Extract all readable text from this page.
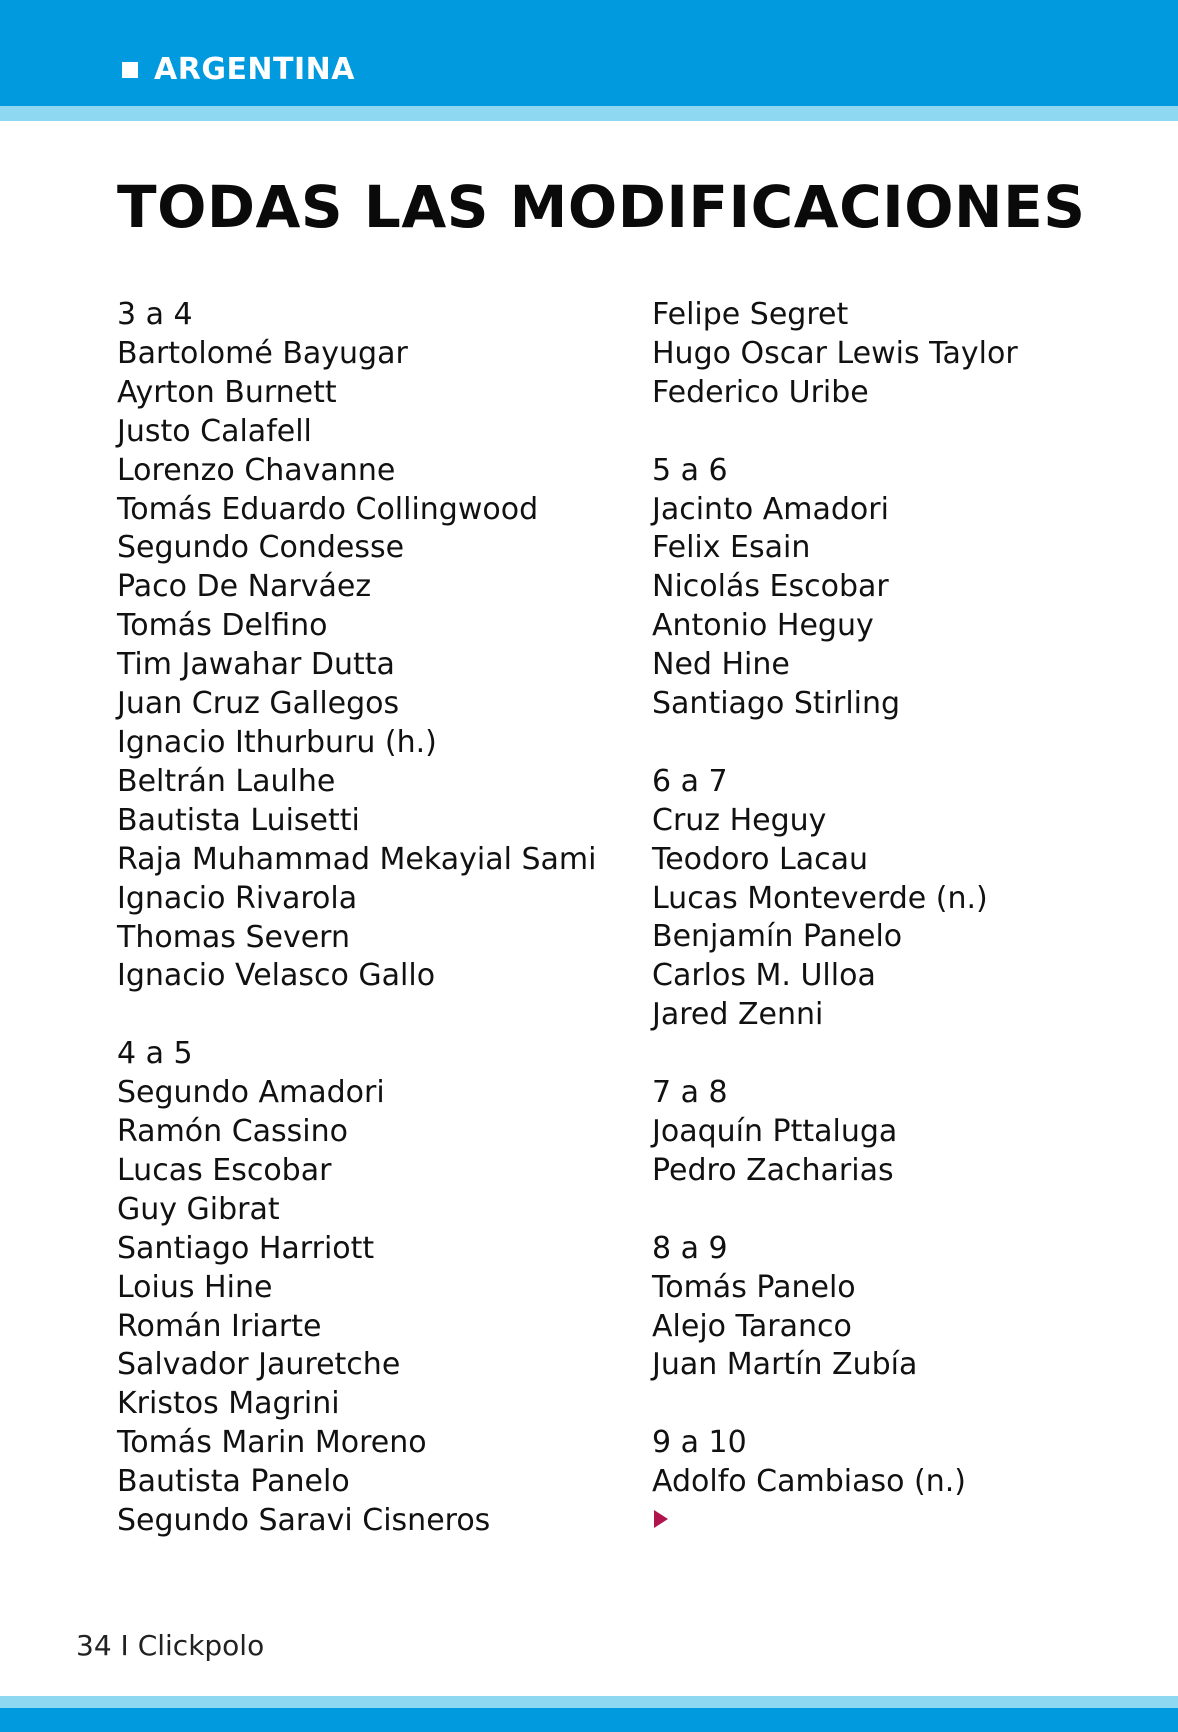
ARGENTINA
TODAS LAS MODIFICACIONES
3 a 4
Bartolomé Bayugar
Ayrton Burnett
Justo Calafell
Lorenzo Chavanne
Tomás Eduardo Collingwood
Segundo Condesse
Paco De Narváez
Tomás Delfino
Tim Jawahar Dutta
Juan Cruz Gallegos
Ignacio Ithurburu (h.)
Beltrán Laulhe
Bautista Luisetti
Raja Muhammad Mekayial Sami
Ignacio Rivarola
Thomas Severn
Ignacio Velasco Gallo
4 a 5
Segundo Amadori
Ramón Cassino
Lucas Escobar
Guy Gibrat
Santiago Harriott
Loius Hine
Román Iriarte
Salvador Jauretche
Kristos Magrini
Tomás Marin Moreno
Bautista Panelo
Segundo Saravi Cisneros
Felipe Segret
Hugo Oscar Lewis Taylor
Federico Uribe
5 a 6
Jacinto Amadori
Felix Esain
Nicolás Escobar
Antonio Heguy
Ned Hine
Santiago Stirling
6 a 7
Cruz Heguy
Teodoro Lacau
Lucas Monteverde (n.)
Benjamín Panelo
Carlos M. Ulloa
Jared Zenni
7 a 8
Joaquín Pttaluga
Pedro Zacharias
8 a 9
Tomás Panelo
Alejo Taranco
Juan Martín Zubía
9 a 10
Adolfo Cambiaso (n.)
34 I Clickpolo
